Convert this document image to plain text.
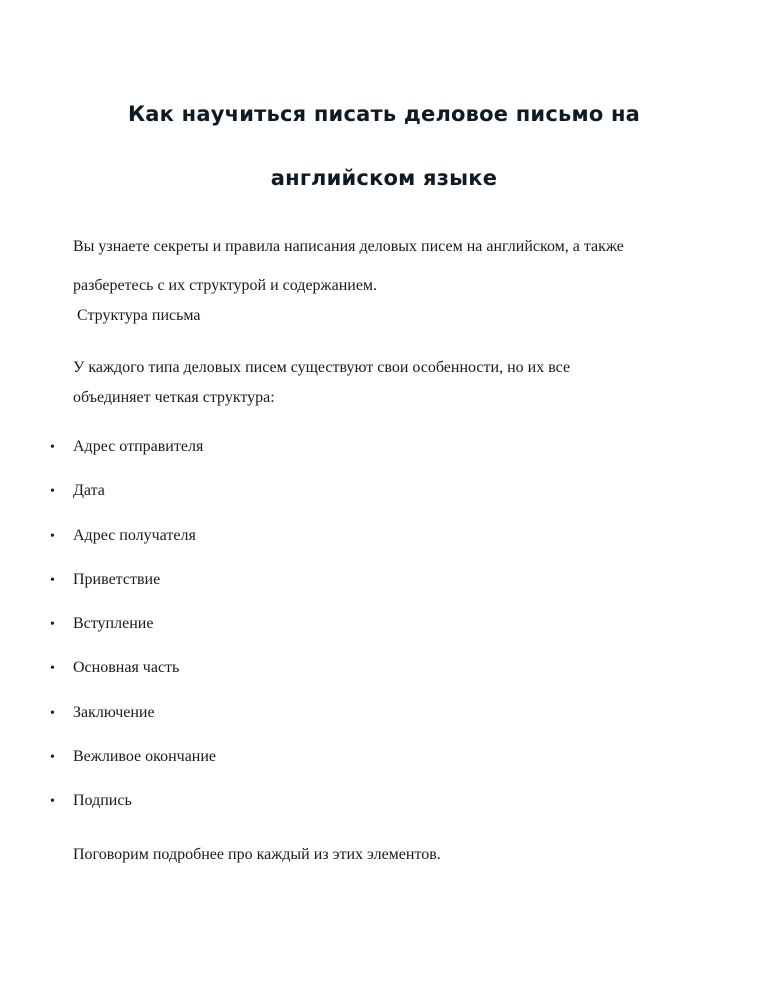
Как научиться писать деловое письмо на
английском языке
Вы узнаете секреты и правила написания деловых писем на английском, а также
разберетесь с их структурой и содержанием.
Структура письма
У каждого типа деловых писем существуют свои особенности, но их все
объединяет четкая структура:
• Адрес отправителя
• Дата
• Адрес получателя
• Приветствие
• Вступление
• Основная часть
• Заключение
• Вежливое окончание
• Подпись
Поговорим подробнее про каждый из этих элементов.
